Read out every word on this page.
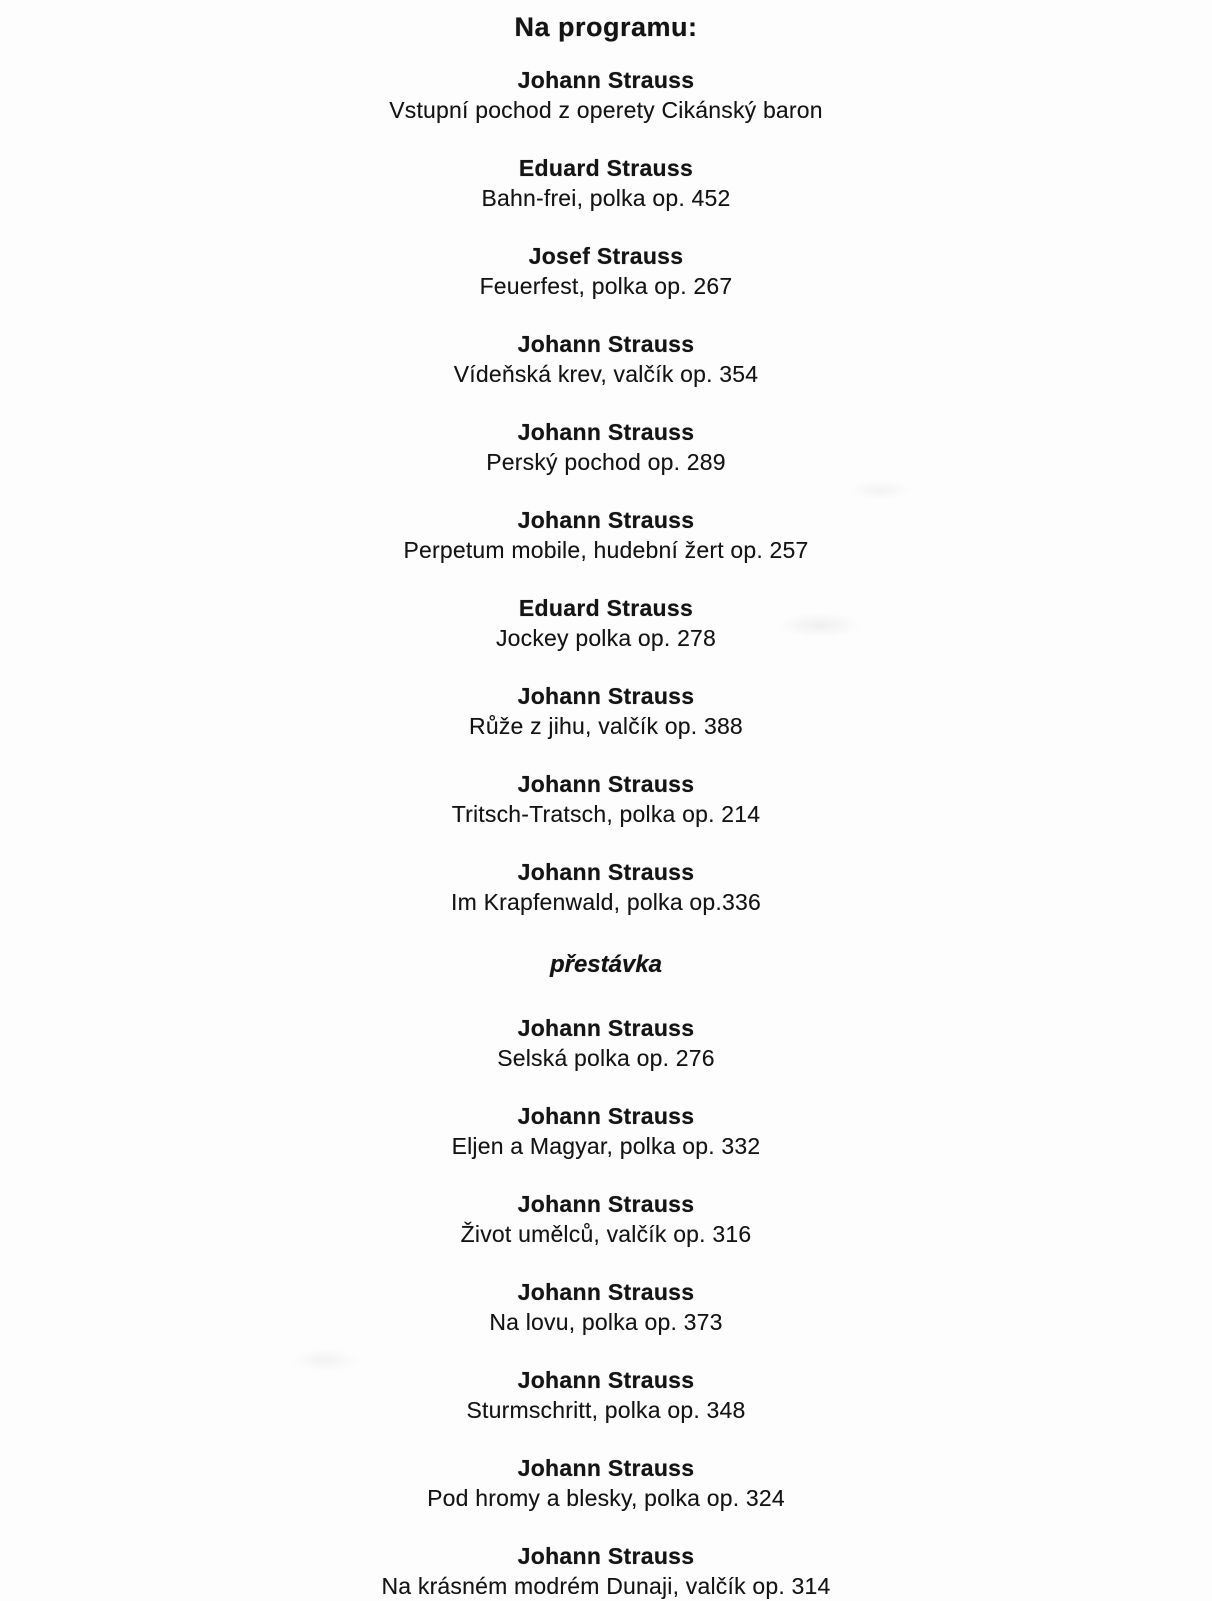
Na programu:
Johann Strauss
Vstupní pochod z operety Cikánský baron
Eduard Strauss
Bahn-frei, polka op. 452
Josef Strauss
Feuerfest, polka op. 267
Johann Strauss
Vídeňská krev, valčík op. 354
Johann Strauss
Perský pochod op. 289
Johann Strauss
Perpetum mobile, hudební žert op. 257
Eduard Strauss
Jockey polka op. 278
Johann Strauss
Růže z jihu, valčík op. 388
Johann Strauss
Tritsch-Tratsch, polka op. 214
Johann Strauss
Im Krapfenwald, polka op.336
přestávka
Johann Strauss
Selská polka op. 276
Johann Strauss
Eljen a Magyar, polka op. 332
Johann Strauss
Život umělců, valčík op. 316
Johann Strauss
Na lovu, polka op. 373
Johann Strauss
Sturmschritt, polka op. 348
Johann Strauss
Pod hromy a blesky, polka op. 324
Johann Strauss
Na krásném modrém Dunaji, valčík op. 314
